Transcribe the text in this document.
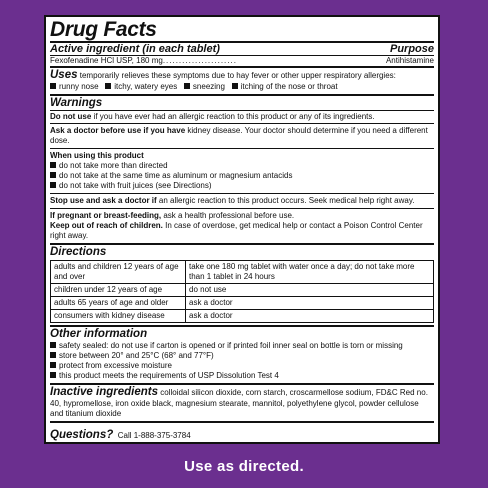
Drug Facts
Active ingredient (in each tablet)	Purpose
Fexofenadine HCl USP, 180 mg.......................	Antihistamine
Uses temporarily relieves these symptoms due to hay fever or other upper respiratory allergies:
runny nose itchy, watery eyes sneezing itching of the nose or throat
Warnings
Do not use if you have ever had an allergic reaction to this product or any of its ingredients.
Ask a doctor before use if you have kidney disease. Your doctor should determine if you need a different dose.
When using this product
do not take more than directed
do not take at the same time as aluminum or magnesium antacids
do not take with fruit juices (see Directions)
Stop use and ask a doctor if an allergic reaction to this product occurs. Seek medical help right away.
If pregnant or breast-feeding, ask a health professional before use.
Keep out of reach of children. In case of overdose, get medical help or contact a Poison Control Center right away.
Directions
adults and children 12 years of age and over	take one 180 mg tablet with water once a day; do not take more than 1 tablet in 24 hours
children under 12 years of age	do not use
adults 65 years of age and older	ask a doctor
consumers with kidney disease	ask a doctor
Other information
safety sealed: do not use if carton is opened or if printed foil inner seal on bottle is torn or missing
store between 20° and 25°C (68° and 77°F)
protect from excessive moisture
this product meets the requirements of USP Dissolution Test 4
Inactive ingredients colloidal silicon dioxide, corn starch, croscarmellose sodium, FD&C Red no. 40, hypromellose, iron oxide black, magnesium stearate, mannitol, polyethylene glycol, powder cellulose and titanium dioxide
Questions? Call 1-888-375-3784
Use as directed.
